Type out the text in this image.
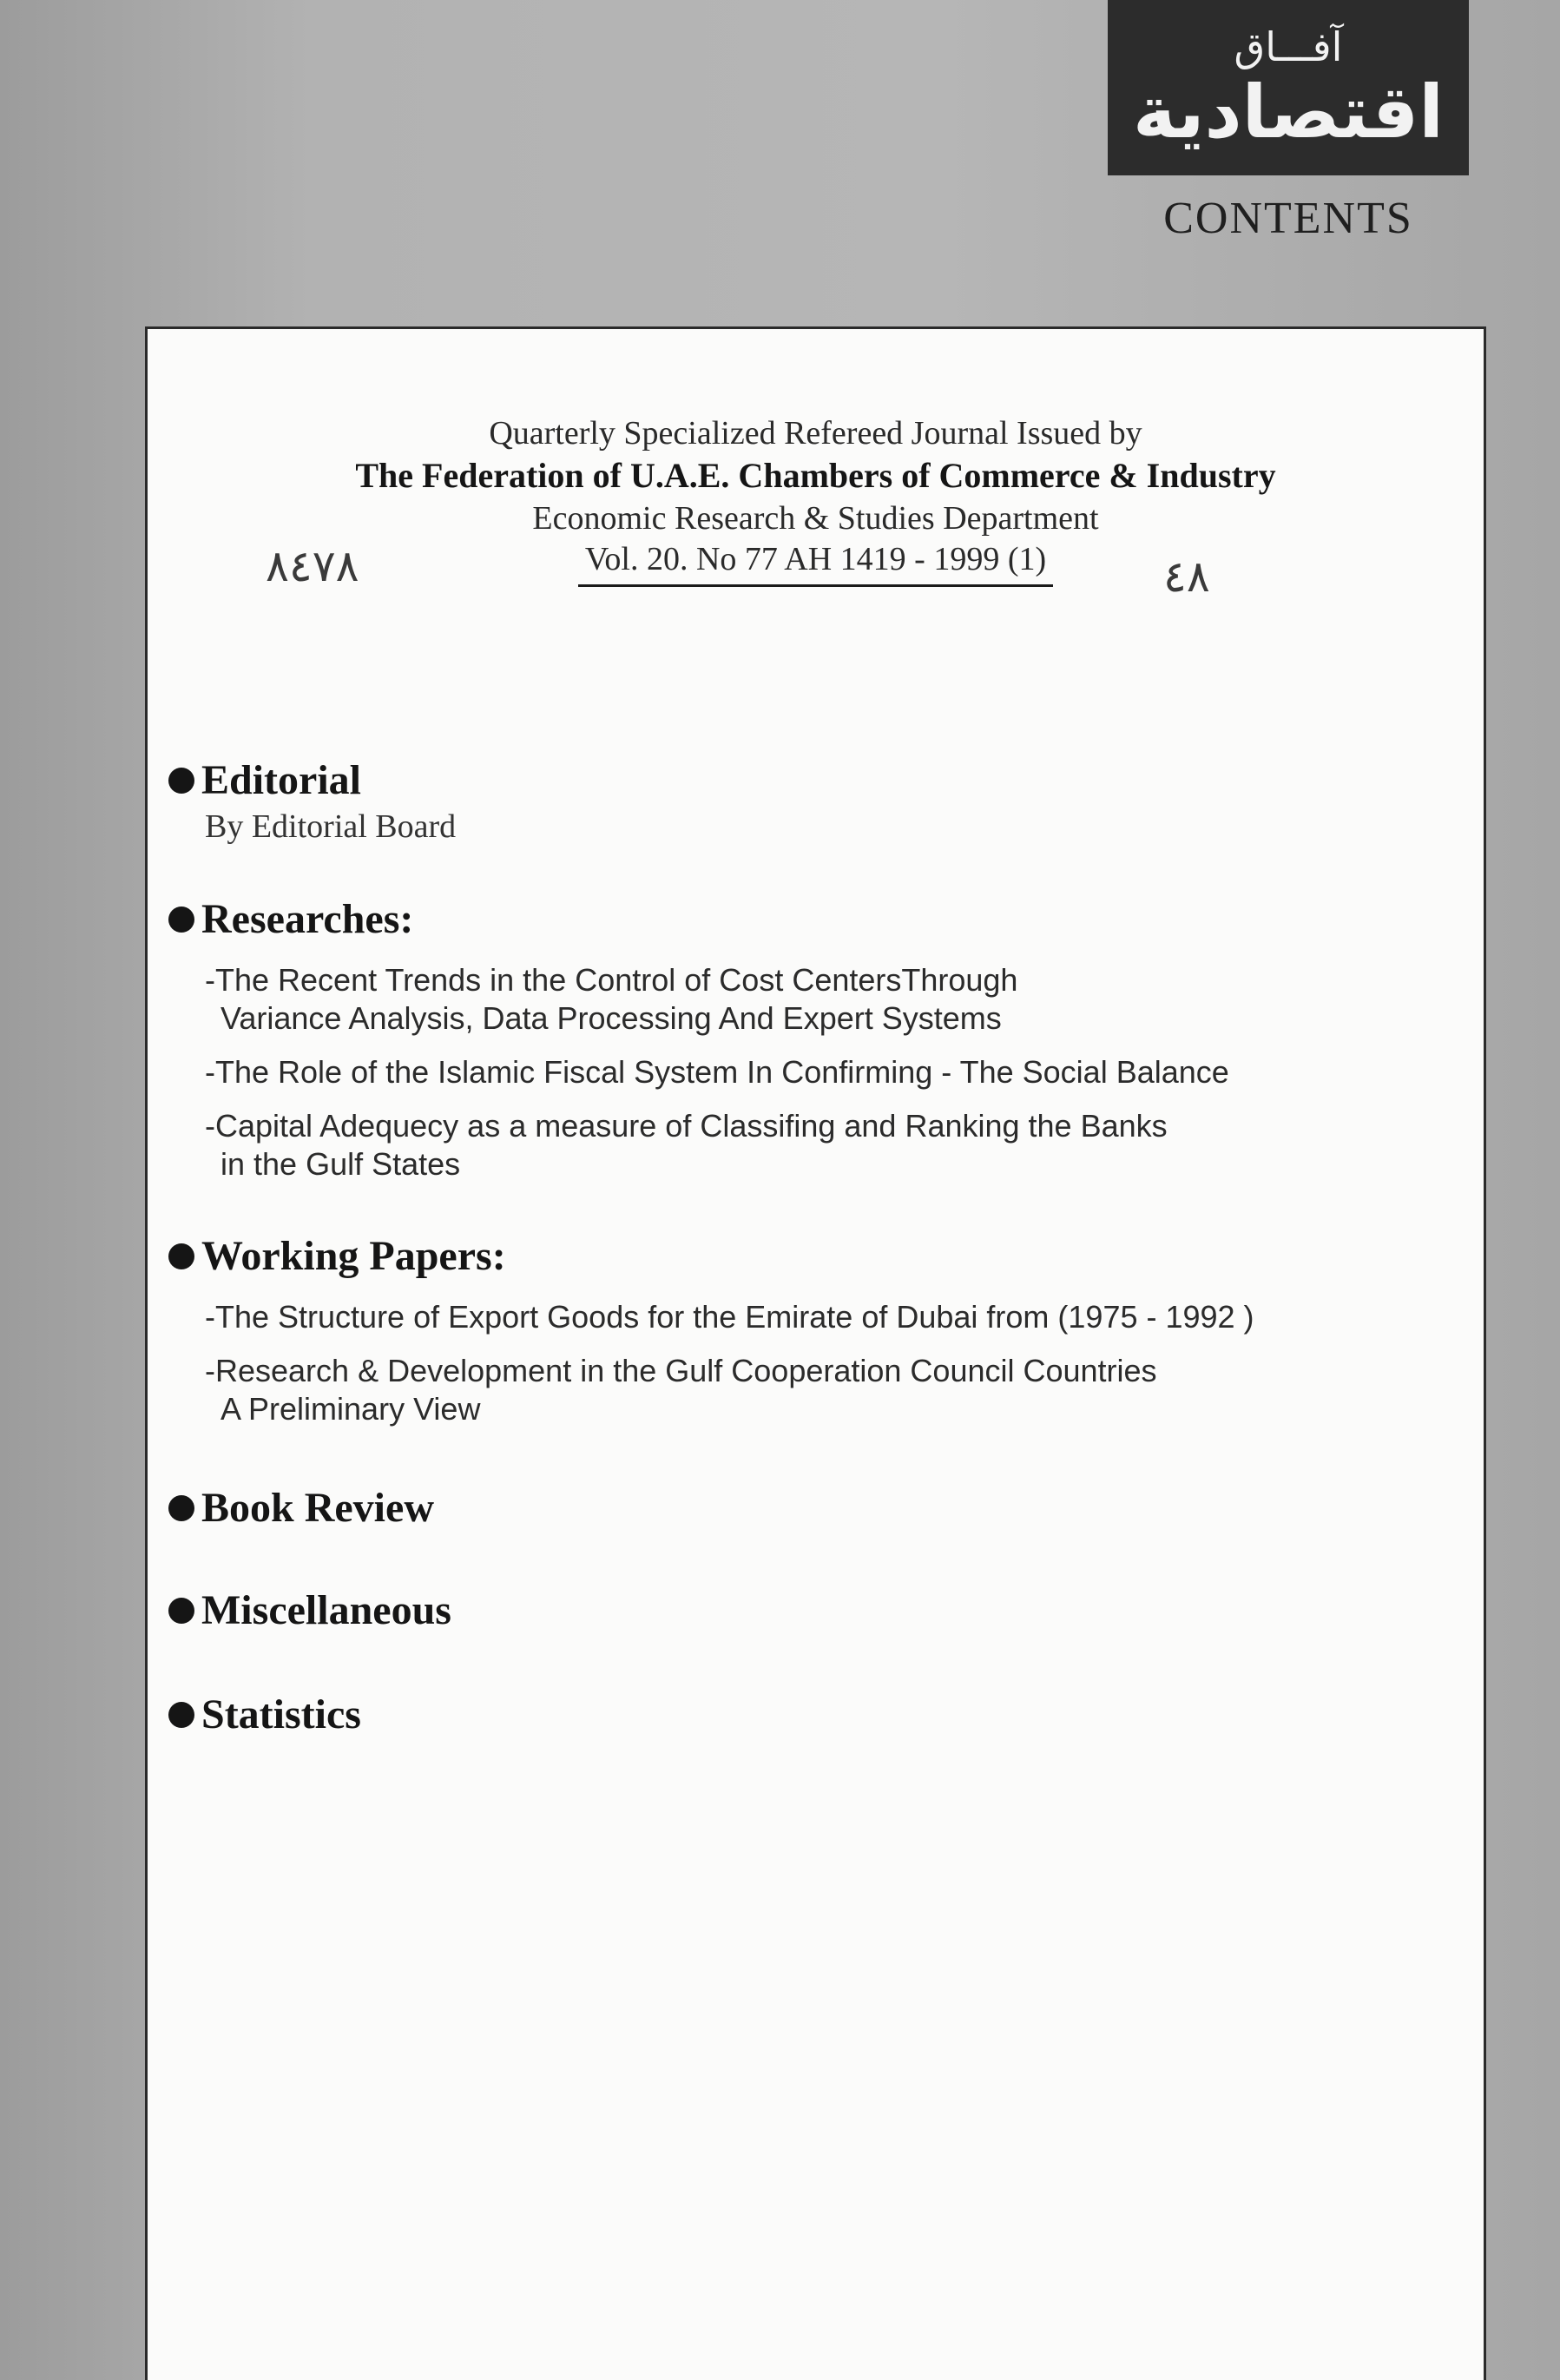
آفـــاق
اقتصادية
CONTENTS
Quarterly Specialized Refereed Journal Issued by
The Federation of U.A.E. Chambers of Commerce & Industry
Economic Research & Studies Department
Vol. 20. No 77 AH 1419 - 1999 (1)
٨٤٧٨	٤٨
Editorial
By Editorial Board
Researches:
-The Recent Trends in the Control of Cost CentersThrough
Variance Analysis, Data Processing And Expert Systems
-The Role of the Islamic Fiscal System In Confirming - The Social Balance
-Capital Adequecy as a measure of Classifing and Ranking the Banks
in the Gulf States
Working Papers:
-The Structure of Export Goods for the Emirate of Dubai from (1975 - 1992 )
-Research & Development in the Gulf Cooperation Council Countries
A Preliminary View
Book Review
Miscellaneous
Statistics
